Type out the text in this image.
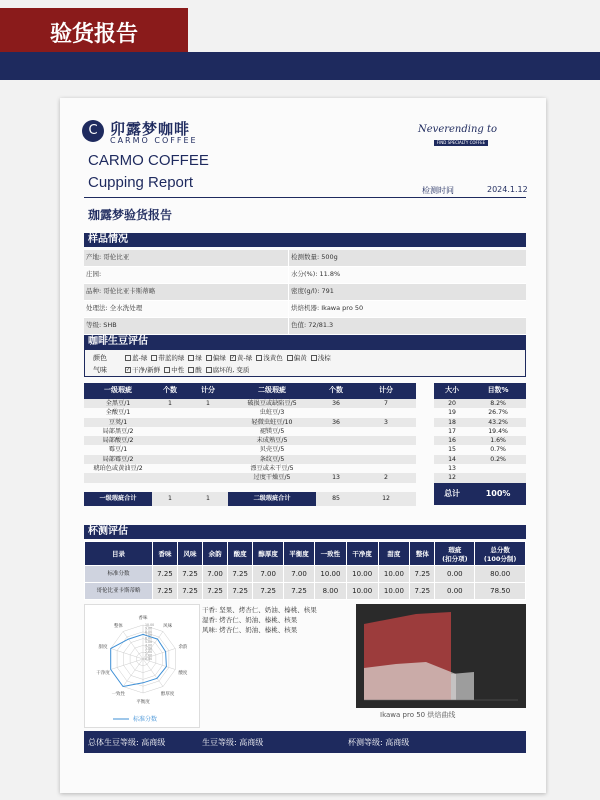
验货报告
C 卯露梦咖啡
CARMO COFFEE
Neverending to
FIND SPECIALTY COFFEE
CARMO COFFEE
Cupping Report	检测时间	2024.1.12
珈露梦验货报告
样品情况
产地: 哥伦比亚	检测数量: 500g
庄园:	水分(%): 11.8%
品种: 哥伦比亚卡斯蒂略	密度(g/l): 791
处理法: 全水洗处理	烘焙机器: Ikawa pro 50
等级: SHB	色值: 72/81.3
咖啡生豆评估
颜色
气味
蓝-绿 带蓝的绿 绿 偏绿 ✓ 黄-绿 浅黄色 偏黄 浅棕
✓ 干净/新鲜 中性 酸 腐坏的, 变质
一级瑕疵	个数	计分	二级瑕疵	个数	计分
全黑豆/1	1	1	破损豆或缺陷豆/5	36	7
全酸豆/1			虫蛀豆/3		
豆荚/1			轻微虫蛀豆/10	36	3
局部黑豆/2			褪镁豆/5		
局部酸豆/2			未成熟豆/5		
霉豆/1			贝壳豆/5		
局部霉豆/2			条纹豆/5		
琥珀色或黄油豆/2			漂豆或未干豆/5		
			过度干燥豆/5	13	2

一级瑕疵合计	1	1	二级瑕疵合计	85	12
大小	目数%
20	8.2%
19	26.7%
18	43.2%
17	19.4%
16	1.6%
15	0.7%
14	0.2%
13	
12	
总计	100%
杯测评估
目录	香味	风味	余韵	酸度	醇厚度	平衡度	一致性	干净度	甜度	整体	瑕疵
(扣分项)	总分数
(100分制)
标准分数	7.25	7.25	7.00	7.25	7.00	7.00	10.00	10.00	10.00	7.25	0.00	80.00
哥伦比亚卡斯蒂略	7.25	7.25	7.25	7.25	7.25	7.25	8.00	10.00	10.00	7.25	0.00	78.50
香味
风味
余韵
酸度
醇厚度
平衡度
一致性
干净度
甜度
整体	10.00
9.00
8.00
7.00
6.00
5.00
4.00
3.00
2.00
1.00
0.00
标准分数
干香: 坚果、烤杏仁、奶油、榛桃、核果
湿香: 烤杏仁、奶油、榛桃、核果
风味: 烤杏仁、奶油、榛桃、核果
Ikawa pro 50 烘焙曲线
总体生豆等级: 高商级	生豆等级: 高商级	杯测等级: 高商级
